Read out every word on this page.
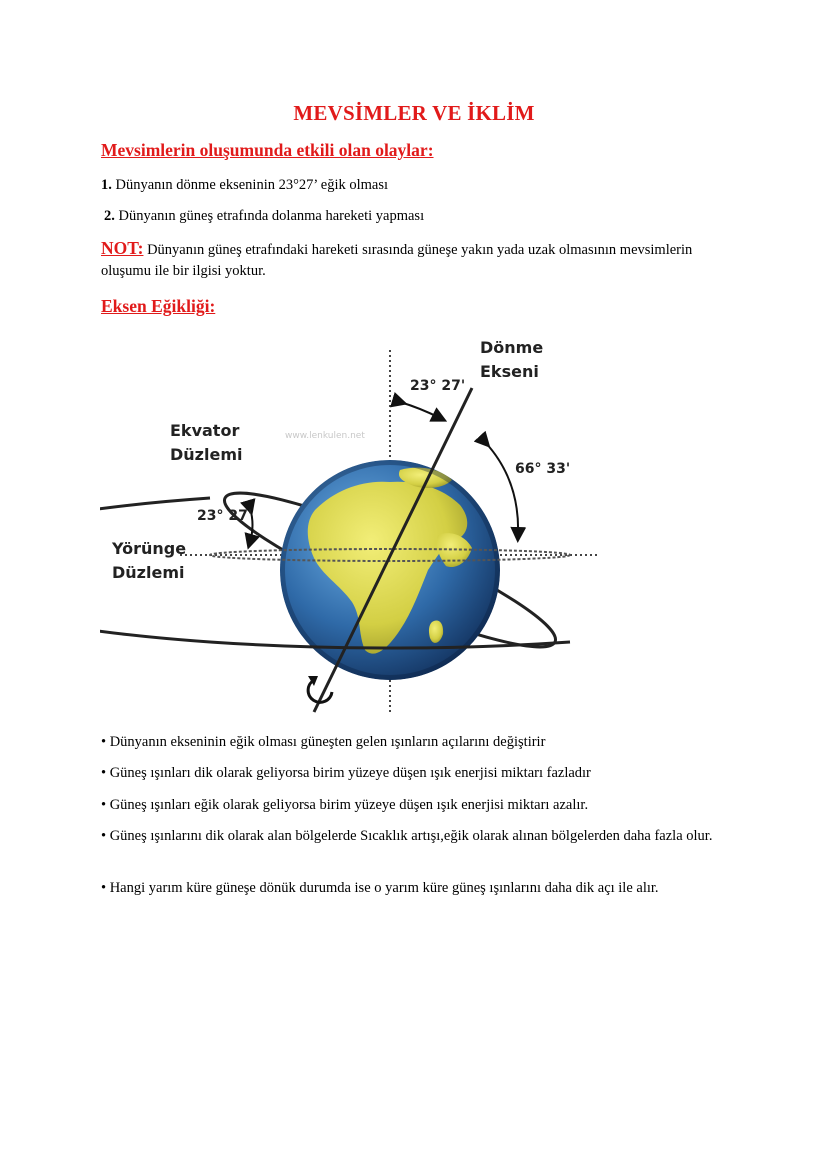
MEVSİMLER VE İKLİM
Mevsimlerin oluşumunda etkili olan olaylar:
1. Dünyanın dönme ekseninin 23°27’ eğik olması
2. Dünyanın güneş etrafında dolanma hareketi yapması
NOT: Dünyanın güneş etrafındaki hareketi sırasında güneşe yakın yada uzak olmasının mevsimlerin oluşumu ile bir ilgisi yoktur.
Eksen Eğikliği:
Dönme
Ekseni
23° 27'
66° 33'
Ekvator
Düzlemi
23° 27'
Yörünge
Düzlemi
www.lenkulen.net
• Dünyanın ekseninin eğik olması güneşten gelen ışınların açılarını değiştirir
• Güneş ışınları dik olarak geliyorsa birim yüzeye düşen ışık enerjisi miktarı fazladır
• Güneş ışınları eğik olarak geliyorsa birim yüzeye düşen ışık enerjisi miktarı azalır.
• Güneş ışınlarını dik olarak alan bölgelerde Sıcaklık artışı,eğik olarak alınan bölgelerden daha fazla olur.
• Hangi yarım küre güneşe dönük durumda ise o yarım küre güneş ışınlarını daha dik açı ile alır.
